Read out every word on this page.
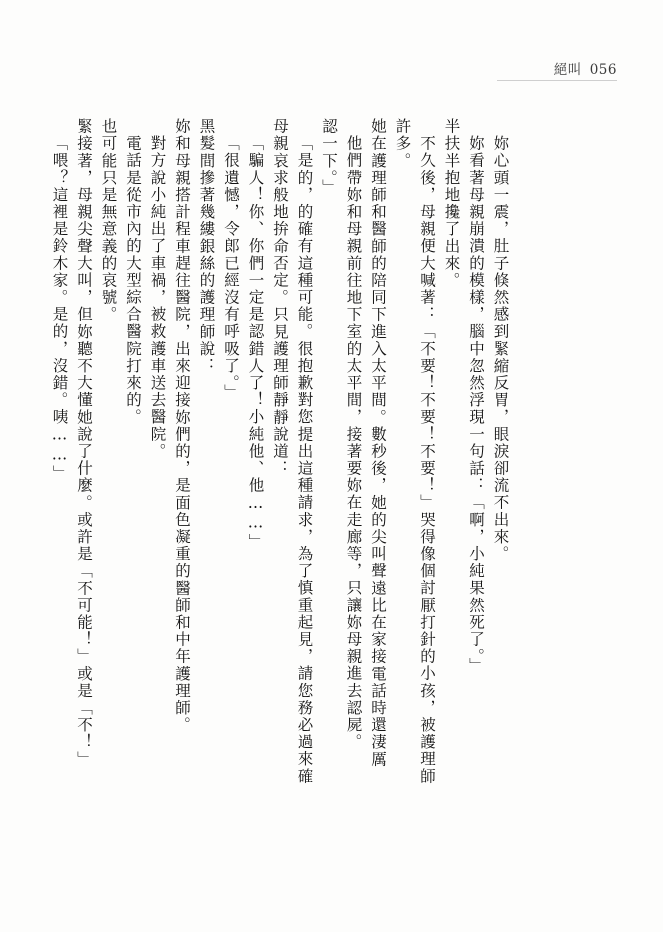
絕叫 056
「喂？這裡是鈴木家。是的，沒錯。咦……」 緊接著，母親尖聲大叫，但妳聽不大懂她說了什麼。或許是「不可能！」或是「不！」 也可能只是無意義的哀號。 電話是從市內的大型綜合醫院打來的。 對方說小純出了車禍，被救護車送去醫院。 妳和母親搭計程車趕往醫院，出來迎接妳們的，是面色凝重的醫師和中年護理師。 黑髮間摻著幾縷銀絲的護理師說： 「很遺憾，令郎已經沒有呼吸了。」 「騙人！你、你們一定是認錯人了！小純他、他……」 母親哀求般地拚命否定。只見護理師靜靜說道： 「是的，的確有這種可能。很抱歉對您提出這種請求，為了慎重起見，請您務必過來確 認一下。」 他們帶妳和母親前往地下室的太平間，接著要妳在走廊等，只讓妳母親進去認屍。 她在護理師和醫師的陪同下進入太平間。數秒後，她的尖叫聲遠比在家接電話時還淒厲 許多。 不久後，母親便大喊著：「不要！不要！不要！」哭得像個討厭打針的小孩，被護理師 半扶半抱地攙了出來。 妳看著母親崩潰的模樣，腦中忽然浮現一句話：「啊，小純果然死了。」 妳心頭一震，肚子倏然感到緊縮反胃，眼淚卻流不出來。
